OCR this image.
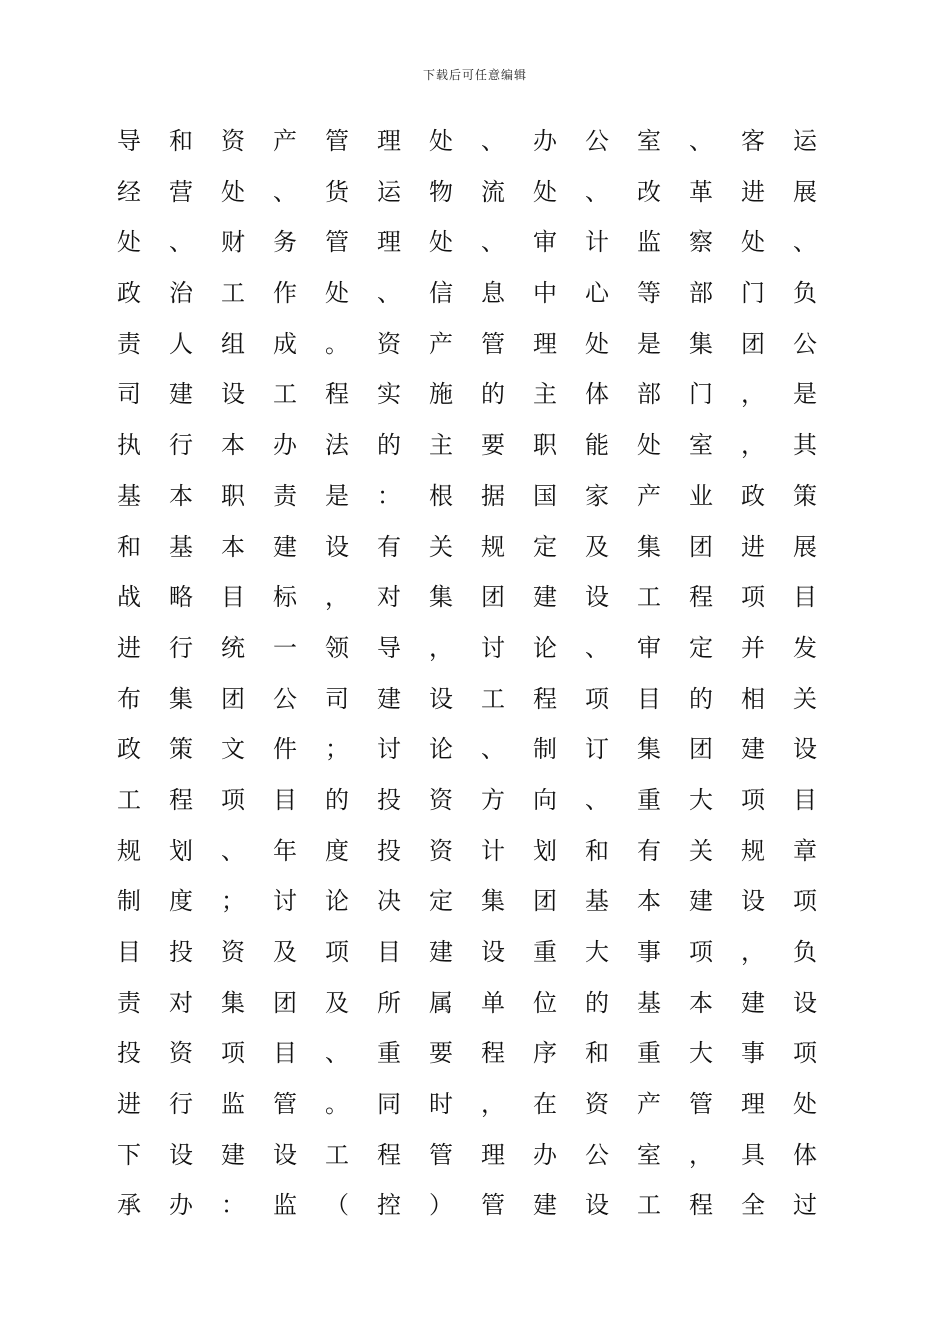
下载后可任意编辑
导	和	资	产	管	理	处	、	办	公	室	、	客	运
经	营	处	、	货	运	物	流	处	、	改	革	进	展
处	、	财	务	管	理	处	、	审	计	监	察	处	、
政	治	工	作	处	、	信	息	中	心	等	部	门	负
责	人	组	成	。	资	产	管	理	处	是	集	团	公
司	建	设	工	程	实	施	的	主	体	部	门	，	是
执	行	本	办	法	的	主	要	职	能	处	室	，	其
基	本	职	责	是	：	根	据	国	家	产	业	政	策
和	基	本	建	设	有	关	规	定	及	集	团	进	展
战	略	目	标	，	对	集	团	建	设	工	程	项	目
进	行	统	一	领	导	，	讨	论	、	审	定	并	发
布	集	团	公	司	建	设	工	程	项	目	的	相	关
政	策	文	件	；	讨	论	、	制	订	集	团	建	设
工	程	项	目	的	投	资	方	向	、	重	大	项	目
规	划	、	年	度	投	资	计	划	和	有	关	规	章
制	度	；	讨	论	决	定	集	团	基	本	建	设	项
目	投	资	及	项	目	建	设	重	大	事	项	，	负
责	对	集	团	及	所	属	单	位	的	基	本	建	设
投	资	项	目	、	重	要	程	序	和	重	大	事	项
进	行	监	管	。	同	时	，	在	资	产	管	理	处
下	设	建	设	工	程	管	理	办	公	室	，	具	体
承	办	：	监	（	控	）	管	建	设	工	程	全	过
